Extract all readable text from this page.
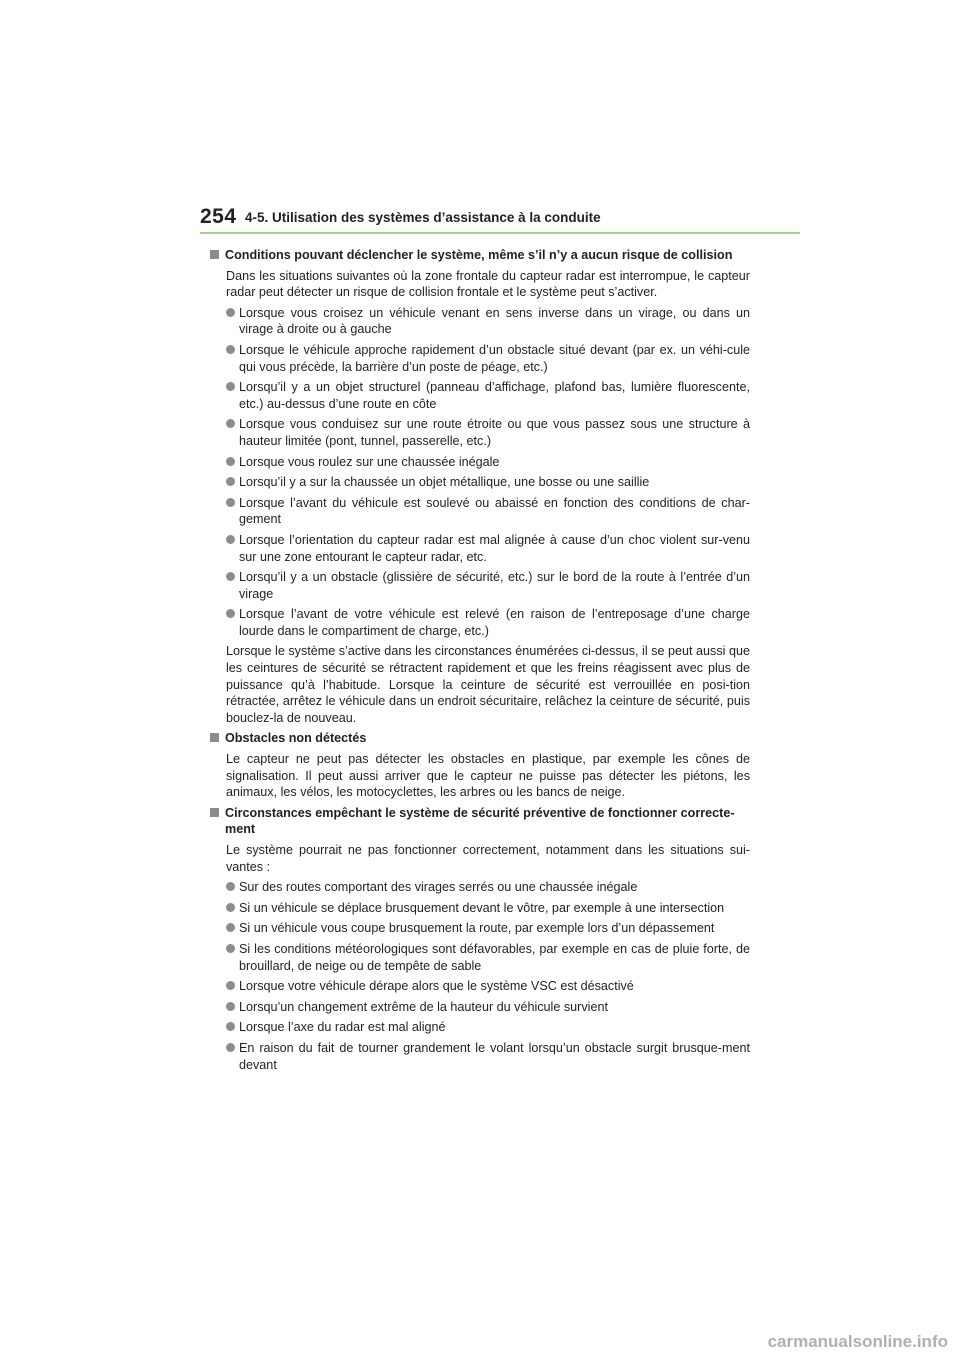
254 4-5. Utilisation des systèmes d’assistance à la conduite
Conditions pouvant déclencher le système, même s’il n’y a aucun risque de collision
Dans les situations suivantes où la zone frontale du capteur radar est interrompue, le capteur radar peut détecter un risque de collision frontale et le système peut s’activer.
Lorsque vous croisez un véhicule venant en sens inverse dans un virage, ou dans un virage à droite ou à gauche
Lorsque le véhicule approche rapidement d’un obstacle situé devant (par ex. un véhi-cule qui vous précède, la barrière d’un poste de péage, etc.)
Lorsqu’il y a un objet structurel (panneau d’affichage, plafond bas, lumière fluorescente, etc.) au-dessus d’une route en côte
Lorsque vous conduisez sur une route étroite ou que vous passez sous une structure à hauteur limitée (pont, tunnel, passerelle, etc.)
Lorsque vous roulez sur une chaussée inégale
Lorsqu’il y a sur la chaussée un objet métallique, une bosse ou une saillie
Lorsque l’avant du véhicule est soulevé ou abaissé en fonction des conditions de char-gement
Lorsque l’orientation du capteur radar est mal alignée à cause d’un choc violent sur-venu sur une zone entourant le capteur radar, etc.
Lorsqu’il y a un obstacle (glissière de sécurité, etc.) sur le bord de la route à l’entrée d’un virage
Lorsque l’avant de votre véhicule est relevé (en raison de l’entreposage d’une charge lourde dans le compartiment de charge, etc.)
Lorsque le système s’active dans les circonstances énumérées ci-dessus, il se peut aussi que les ceintures de sécurité se rétractent rapidement et que les freins réagissent avec plus de puissance qu’à l’habitude. Lorsque la ceinture de sécurité est verrouillée en posi-tion rétractée, arrêtez le véhicule dans un endroit sécuritaire, relâchez la ceinture de sécurité, puis bouclez-la de nouveau.
Obstacles non détectés
Le capteur ne peut pas détecter les obstacles en plastique, par exemple les cônes de signalisation. Il peut aussi arriver que le capteur ne puisse pas détecter les piétons, les animaux, les vélos, les motocyclettes, les arbres ou les bancs de neige.
Circonstances empêchant le système de sécurité préventive de fonctionner correcte-ment
Le système pourrait ne pas fonctionner correctement, notamment dans les situations sui-vantes :
Sur des routes comportant des virages serrés ou une chaussée inégale
Si un véhicule se déplace brusquement devant le vôtre, par exemple à une intersection
Si un véhicule vous coupe brusquement la route, par exemple lors d’un dépassement
Si les conditions météorologiques sont défavorables, par exemple en cas de pluie forte, de brouillard, de neige ou de tempête de sable
Lorsque votre véhicule dérape alors que le système VSC est désactivé
Lorsqu’un changement extrême de la hauteur du véhicule survient
Lorsque l’axe du radar est mal aligné
En raison du fait de tourner grandement le volant lorsqu’un obstacle surgit brusque-ment devant
carmanualsonline.info
